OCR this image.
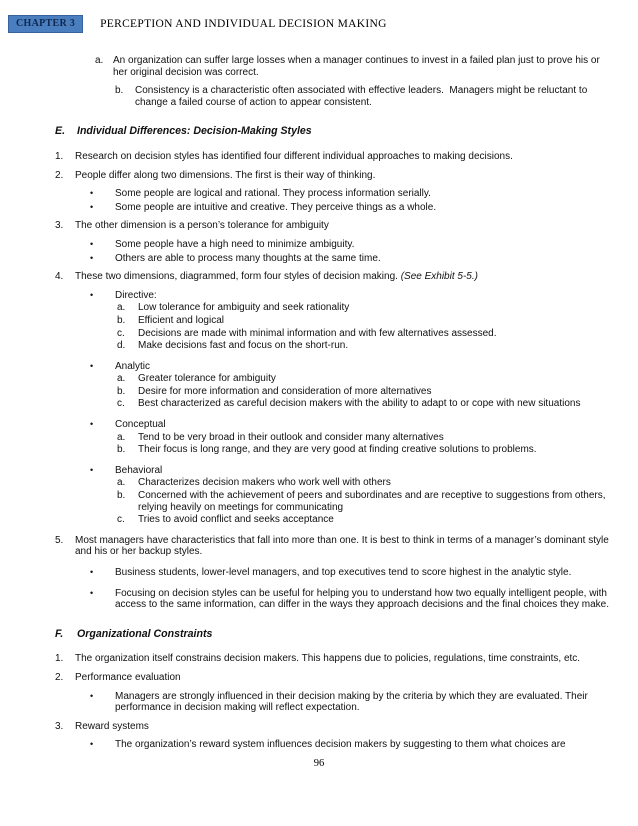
CHAPTER 3	PERCEPTION AND INDIVIDUAL DECISION MAKING
a. An organization can suffer large losses when a manager continues to invest in a failed plan just to prove his or her original decision was correct.
b.	Consistency is a characteristic often associated with effective leaders.  Managers might be reluctant to change a failed course of action to appear consistent.
E.	Individual Differences: Decision-Making Styles
1.	Research on decision styles has identified four different individual approaches to making decisions.
2.	People differ along two dimensions. The first is their way of thinking.
•	Some people are logical and rational. They process information serially.
•	Some people are intuitive and creative. They perceive things as a whole.
3.	The other dimension is a person’s tolerance for ambiguity
•	Some people have a high need to minimize ambiguity.
•	Others are able to process many thoughts at the same time.
4.	These two dimensions, diagrammed, form four styles of decision making. (See Exhibit 5-5.)
•	Directive:
a.	Low tolerance for ambiguity and seek rationality
b.	Efficient and logical
c.	Decisions are made with minimal information and with few alternatives assessed.
d.	Make decisions fast and focus on the short-run.
•	Analytic
a.	Greater tolerance for ambiguity
b.	Desire for more information and consideration of more alternatives
c.	Best characterized as careful decision makers with the ability to adapt to or cope with new situations
•	Conceptual
a.	Tend to be very broad in their outlook and consider many alternatives
b.	Their focus is long range, and they are very good at finding creative solutions to problems.
•	Behavioral
a.	Characterizes decision makers who work well with others
b.	Concerned with the achievement of peers and subordinates and are receptive to suggestions from others, relying heavily on meetings for communicating
c.	Tries to avoid conflict and seeks acceptance
5.	Most managers have characteristics that fall into more than one. It is best to think in terms of a manager’s dominant style and his or her backup styles.
•	Business students, lower-level managers, and top executives tend to score highest in the analytic style.
•	Focusing on decision styles can be useful for helping you to understand how two equally intelligent people, with access to the same information, can differ in the ways they approach decisions and the final choices they make.
F.	Organizational Constraints
1.	The organization itself constrains decision makers. This happens due to policies, regulations, time constraints, etc.
2.	Performance evaluation
•	Managers are strongly influenced in their decision making by the criteria by which they are evaluated. Their performance in decision making will reflect expectation.
3.	Reward systems
•	The organization’s reward system influences decision makers by suggesting to them what choices are
96
